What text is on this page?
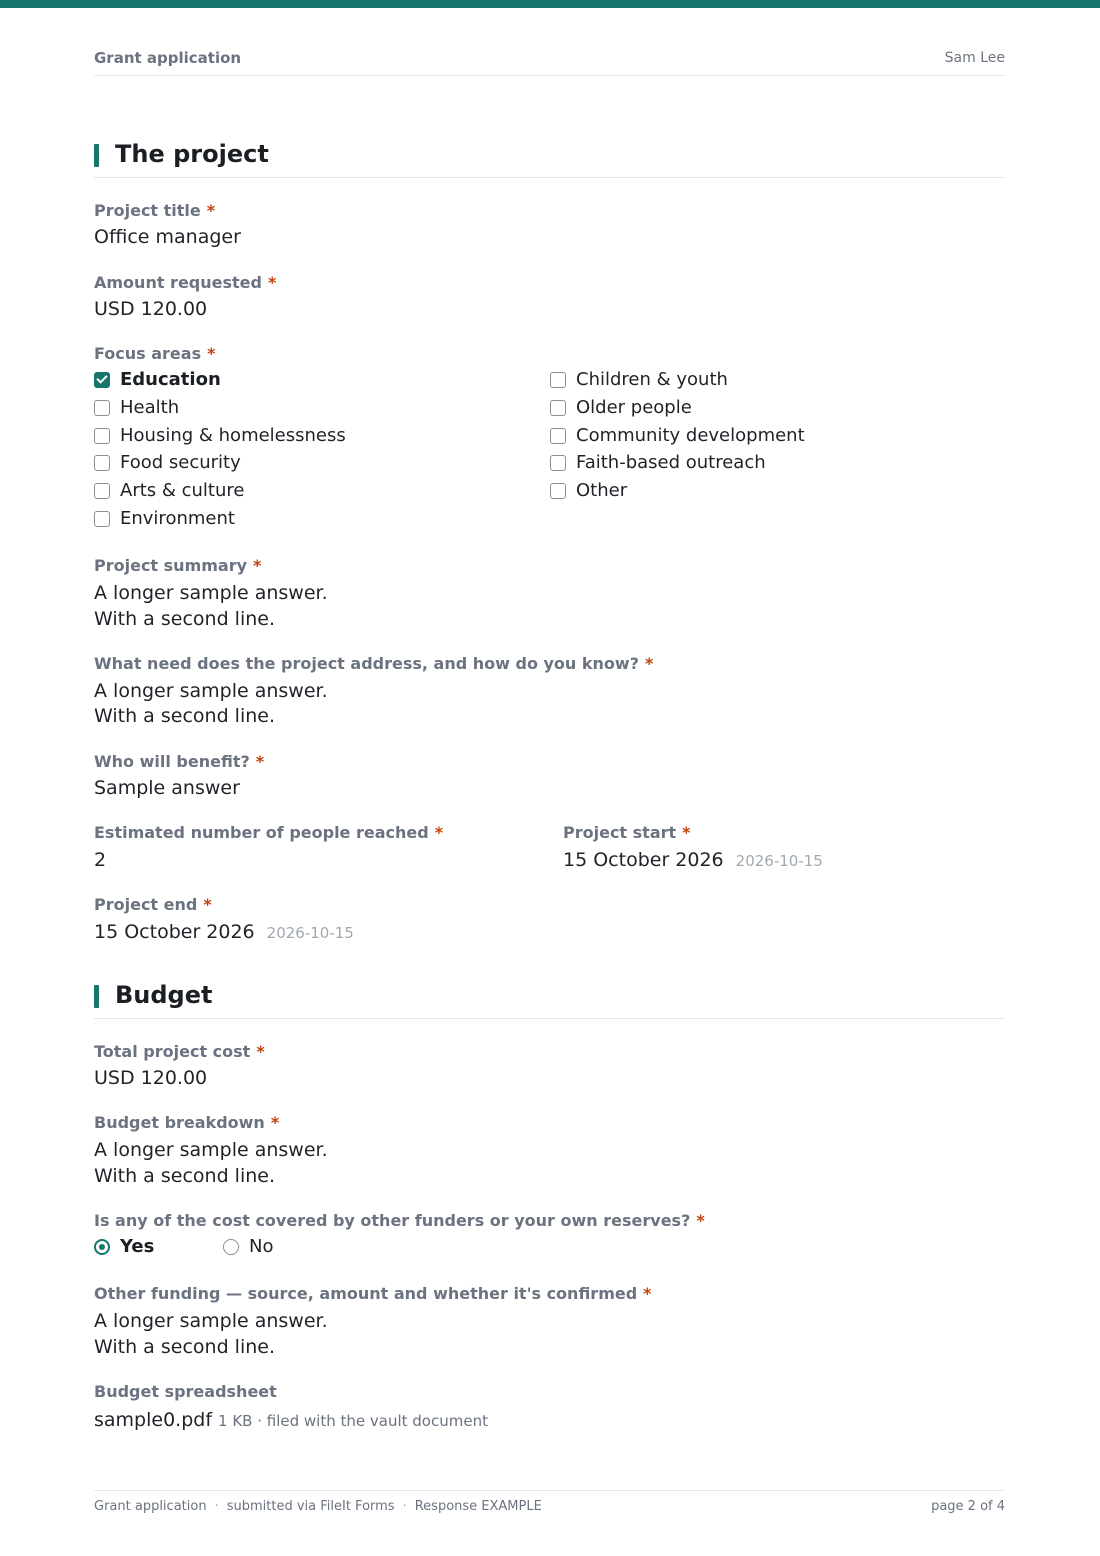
Grant application	Sam Lee
The project
Project title *
Office manager
Amount requested *
USD 120.00
Focus areas *
Education
Health
Housing & homelessness
Food security
Arts & culture
Environment
Children & youth
Older people
Community development
Faith-based outreach
Other
Project summary *
A longer sample answer.
With a second line.
What need does the project address, and how do you know? *
A longer sample answer.
With a second line.
Who will benefit? *
Sample answer
Estimated number of people reached *
2
Project start *
15 October 2026 2026-10-15
Project end *
15 October 2026 2026-10-15
Budget
Total project cost *
USD 120.00
Budget breakdown *
A longer sample answer.
With a second line.
Is any of the cost covered by other funders or your own reserves? *
Yes	No
Other funding — source, amount and whether it's confirmed *
A longer sample answer.
With a second line.
Budget spreadsheet
sample0.pdf 1 KB · filed with the vault document
Grant application · submitted via FileIt Forms · Response EXAMPLE	page 2 of 4
